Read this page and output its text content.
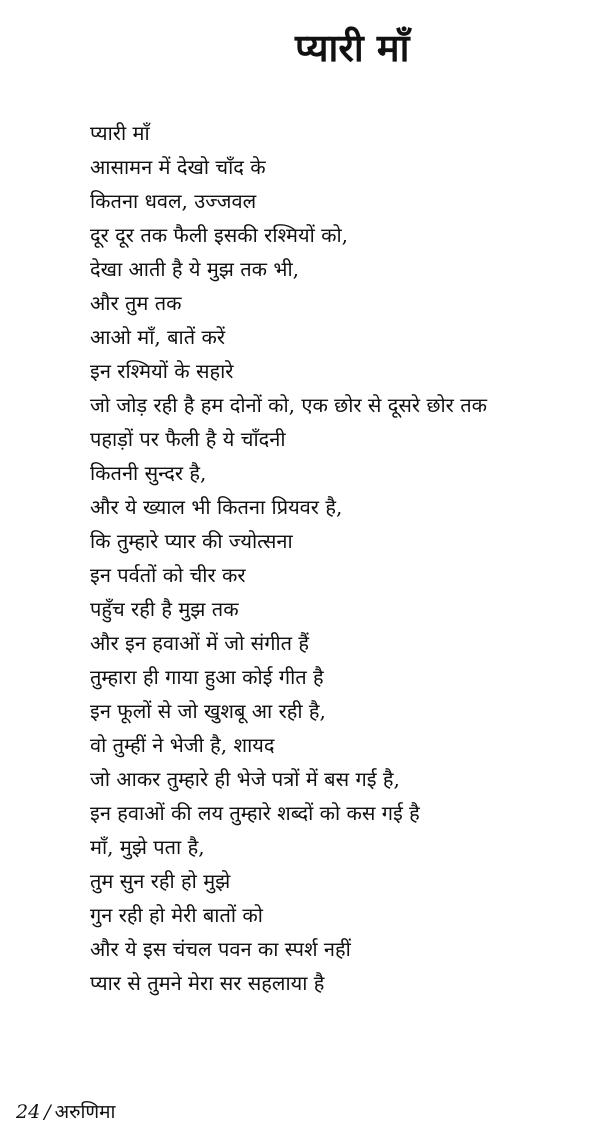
प्यारी माँ
प्यारी माँ
आसामन में देखो चाँद के
कितना धवल, उज्जवल
दूर दूर तक फैली इसकी रश्मियों को,
देखा आती है ये मुझ तक भी,
और तुम तक
आओ माँ, बातें करें
इन रश्मियों के सहारे
जो जोड़ रही है हम दोनों को, एक छोर से दूसरे छोर तक
पहाड़ों पर फैली है ये चाँदनी
कितनी सुन्दर है,
और ये ख्याल भी कितना प्रियवर है,
कि तुम्हारे प्यार की ज्योत्सना
इन पर्वतों को चीर कर
पहुँच रही है मुझ तक
और इन हवाओं में जो संगीत हैं
तुम्हारा ही गाया हुआ कोई गीत है
इन फूलों से जो खुशबू आ रही है,
वो तुम्हीं ने भेजी है, शायद
जो आकर तुम्हारे ही भेजे पत्रों में बस गई है,
इन हवाओं की लय तुम्हारे शब्दों को कस गई है
माँ, मुझे पता है,
तुम सुन रही हो मुझे
गुन रही हो मेरी बातों को
और ये इस चंचल पवन का स्पर्श नहीं
प्यार से तुमने मेरा सर सहलाया है
24 / अरुणिमा
